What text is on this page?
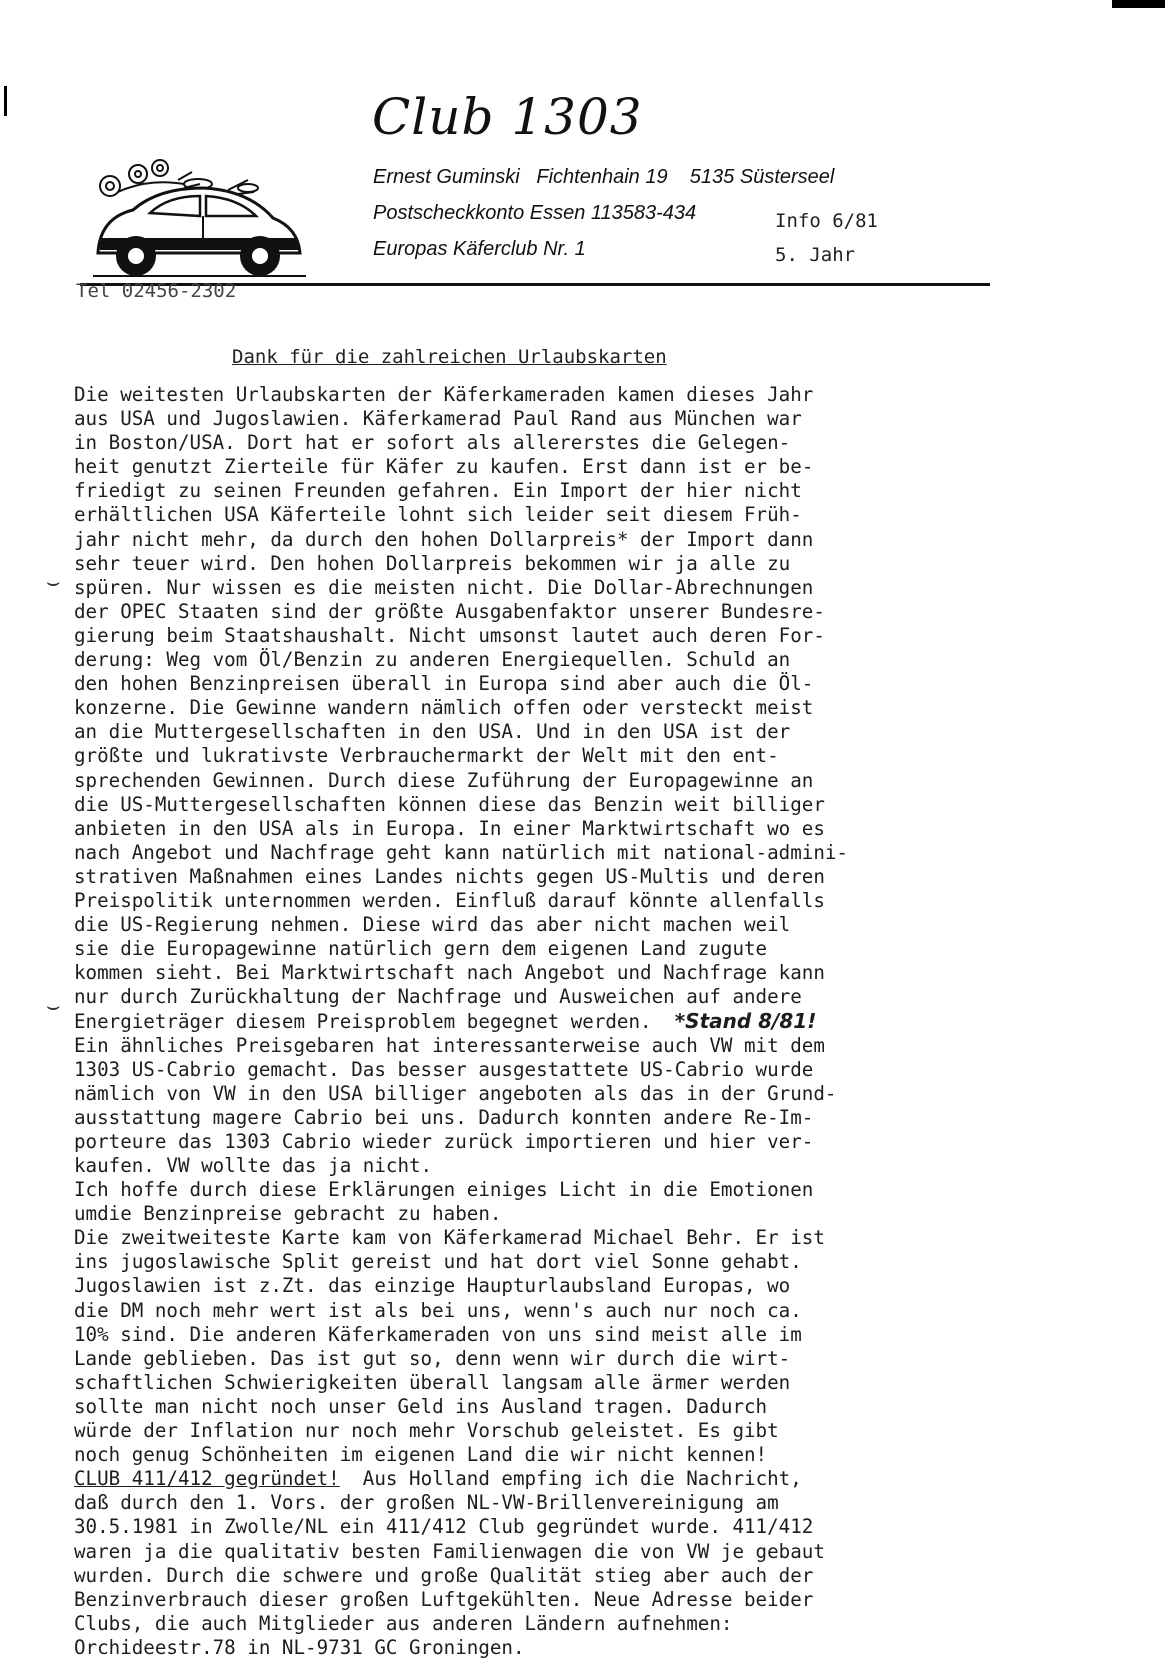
Club 1303
Ernest Guminski   Fichtenhain 19    5135 Süsterseel
Postscheckkonto Essen 113583-434
Europas Käferclub Nr. 1
Info 6/81
5. Jahr
Tel 02456-2302
Dank für die zahlreichen Urlaubskarten
⌣
⌣
Die weitesten Urlaubskarten der Käferkameraden kamen dieses Jahr
aus USA und Jugoslawien. Käferkamerad Paul Rand aus München war
in Boston/USA. Dort hat er sofort als allererstes die Gelegen-
heit genutzt Zierteile für Käfer zu kaufen. Erst dann ist er be-
friedigt zu seinen Freunden gefahren. Ein Import der hier nicht
erhältlichen USA Käferteile lohnt sich leider seit diesem Früh-
jahr nicht mehr, da durch den hohen Dollarpreis* der Import dann
sehr teuer wird. Den hohen Dollarpreis bekommen wir ja alle zu
spüren. Nur wissen es die meisten nicht. Die Dollar-Abrechnungen
der OPEC Staaten sind der größte Ausgabenfaktor unserer Bundesre-
gierung beim Staatshaushalt. Nicht umsonst lautet auch deren For-
derung: Weg vom Öl/Benzin zu anderen Energiequellen. Schuld an
den hohen Benzinpreisen überall in Europa sind aber auch die Öl-
konzerne. Die Gewinne wandern nämlich offen oder versteckt meist
an die Muttergesellschaften in den USA. Und in den USA ist der
größte und lukrativste Verbrauchermarkt der Welt mit den ent-
sprechenden Gewinnen. Durch diese Zuführung der Europagewinne an
die US-Muttergesellschaften können diese das Benzin weit billiger
anbieten in den USA als in Europa. In einer Marktwirtschaft wo es
nach Angebot und Nachfrage geht kann natürlich mit national-admini-
strativen Maßnahmen eines Landes nichts gegen US-Multis und deren
Preispolitik unternommen werden. Einfluß darauf könnte allenfalls
die US-Regierung nehmen. Diese wird das aber nicht machen weil
sie die Europagewinne natürlich gern dem eigenen Land zugute
kommen sieht. Bei Marktwirtschaft nach Angebot und Nachfrage kann
nur durch Zurückhaltung der Nachfrage und Ausweichen auf andere
Energieträger diesem Preisproblem begegnet werden. *Stand 8/81!
Ein ähnliches Preisgebaren hat interessanterweise auch VW mit dem
1303 US-Cabrio gemacht. Das besser ausgestattete US-Cabrio wurde
nämlich von VW in den USA billiger angeboten als das in der Grund-
ausstattung magere Cabrio bei uns. Dadurch konnten andere Re-Im-
porteure das 1303 Cabrio wieder zurück importieren und hier ver-
kaufen. VW wollte das ja nicht.
Ich hoffe durch diese Erklärungen einiges Licht in die Emotionen
umdie Benzinpreise gebracht zu haben.
Die zweitweiteste Karte kam von Käferkamerad Michael Behr. Er ist
ins jugoslawische Split gereist und hat dort viel Sonne gehabt.
Jugoslawien ist z.Zt. das einzige Haupturlaubsland Europas, wo
die DM noch mehr wert ist als bei uns, wenn's auch nur noch ca.
10% sind. Die anderen Käferkameraden von uns sind meist alle im
Lande geblieben. Das ist gut so, denn wenn wir durch die wirt-
schaftlichen Schwierigkeiten überall langsam alle ärmer werden
sollte man nicht noch unser Geld ins Ausland tragen. Dadurch
würde der Inflation nur noch mehr Vorschub geleistet. Es gibt
noch genug Schönheiten im eigenen Land die wir nicht kennen!
CLUB 411/412 gegründet!  Aus Holland empfing ich die Nachricht,
daß durch den 1. Vors. der großen NL-VW-Brillenvereinigung am
30.5.1981 in Zwolle/NL ein 411/412 Club gegründet wurde. 411/412
waren ja die qualitativ besten Familienwagen die von VW je gebaut
wurden. Durch die schwere und große Qualität stieg aber auch der
Benzinverbrauch dieser großen Luftgekühlten. Neue Adresse beider
Clubs, die auch Mitglieder aus anderen Ländern aufnehmen:
Orchideestr.78 in NL-9731 GC Groningen.
